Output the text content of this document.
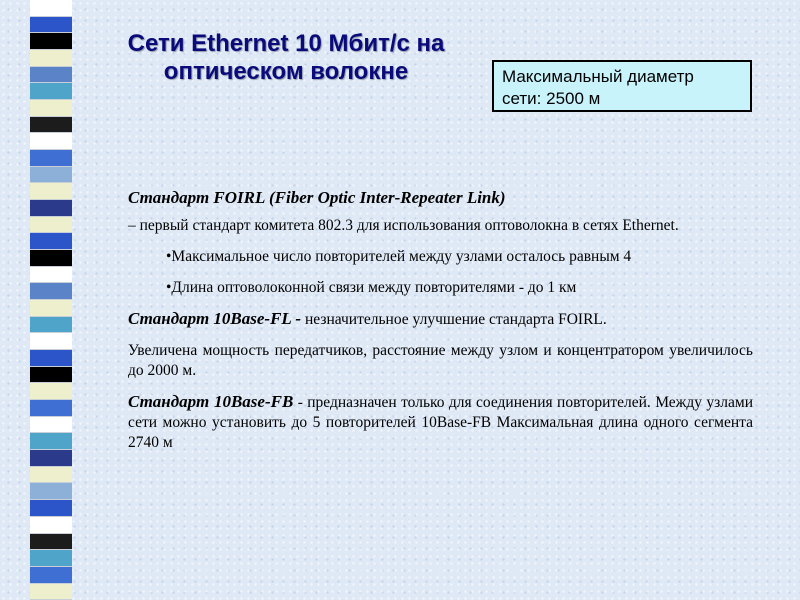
Сети Ethernet 10 Мбит/с на
оптическом волокне	Максимальный диаметр
сети: 2500 м

Стандарт FOIRL (Fiber Optic Inter-Repeater Link)

– первый стандарт комитета 802.3 для использования оптоволокна в сетях Ethernet.

•Максимальное число повторителей между узлами осталось равным 4

•Длина оптоволоконной связи между повторителями - до 1 км

Стандарт 10Base-FL - незначительное улучшение стандарта FOIRL.

Увеличена мощность передатчиков, расстояние между узлом и концентратором увеличилось до 2000 м.

Стандарт 10Base-FB - предназначен только для соединения повторителей. Между узлами сети можно установить до 5 повторителей 10Base-FB Максимальная длина одного сегмента 2740 м
